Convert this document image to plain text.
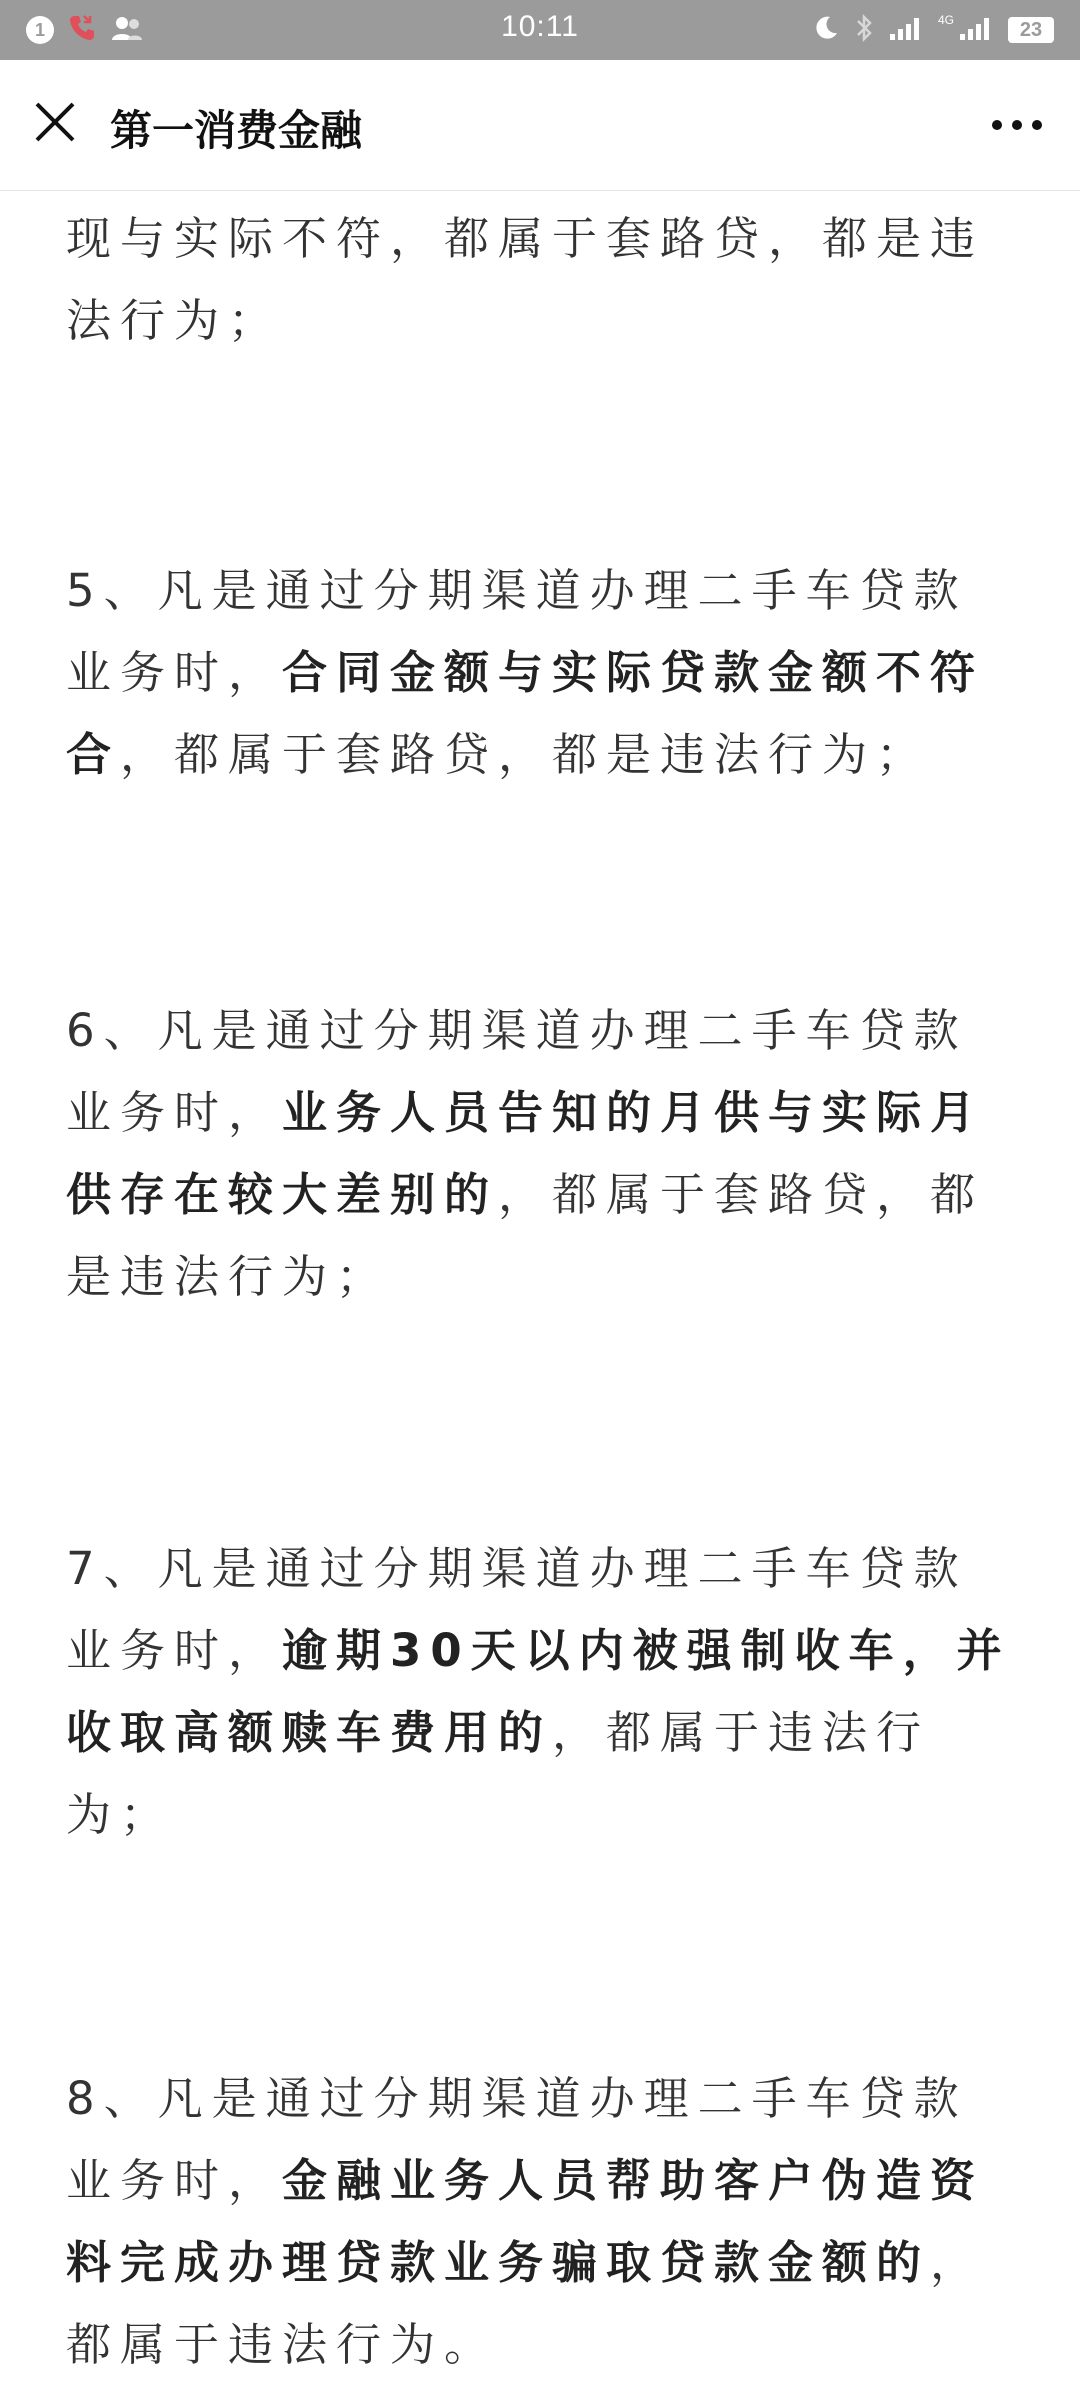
1	10:11	4G	23
第一消费金融

现与实际不符，都属于套路贷，都是违法行为；

5、凡是通过分期渠道办理二手车贷款业务时，合同金额与实际贷款金额不符合，都属于套路贷，都是违法行为；

6、凡是通过分期渠道办理二手车贷款业务时，业务人员告知的月供与实际月供存在较大差别的，都属于套路贷，都是违法行为；

7、凡是通过分期渠道办理二手车贷款业务时，逾期30天以内被强制收车，并收取高额赎车费用的，都属于违法行为；

8、凡是通过分期渠道办理二手车贷款业务时，金融业务人员帮助客户伪造资料完成办理贷款业务骗取贷款金额的，都属于违法行为。
